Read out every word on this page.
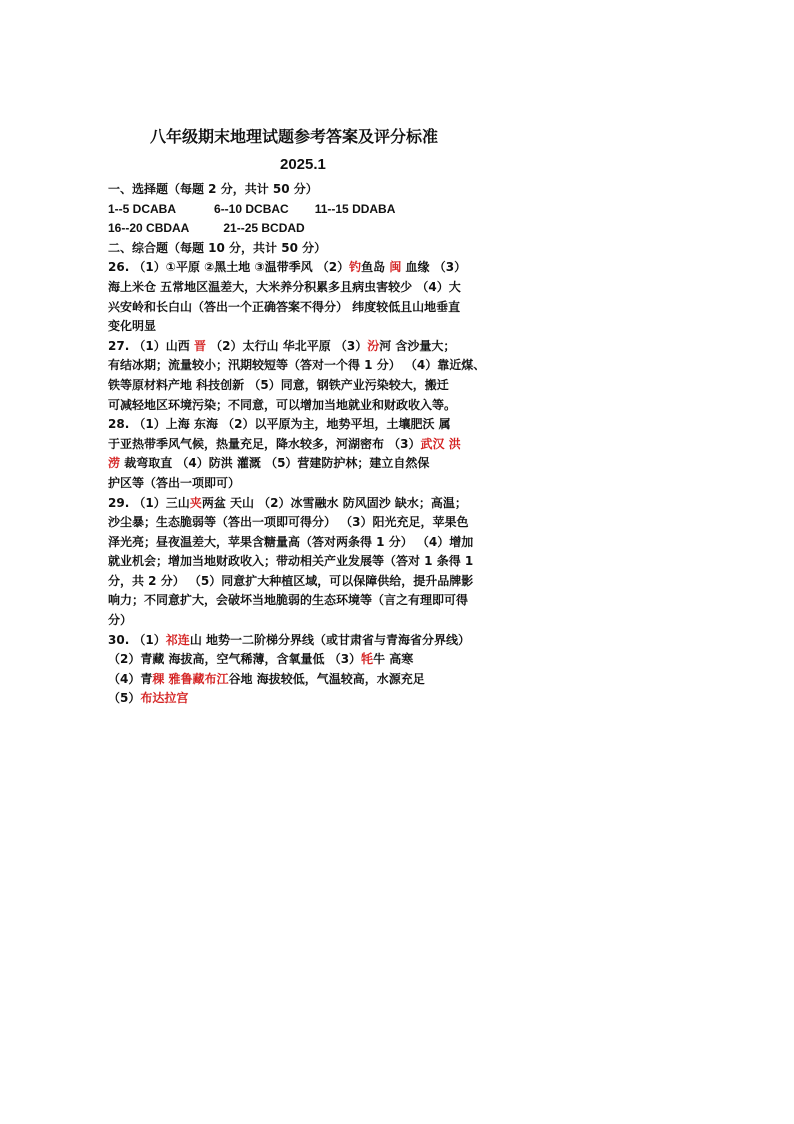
八年级期末地理试题参考答案及评分标准
2025.1
一、选择题（每题 2 分，共计 50 分）
1--5 DCABA	6--10 DCBAC 11--15 DDABA
16--20 CBDAA	21--25 BCDAD
二、综合题（每题 10 分，共计 50 分）
26. （1）①平原 ②黑土地 ③温带季风 （2）钓鱼岛 闽 血缘 （3）
海上米仓 五常地区温差大，大米养分积累多且病虫害较少 （4）大
兴安岭和长白山（答出一个正确答案不得分） 纬度较低且山地垂直
变化明显
27. （1）山西 晋 （2）太行山 华北平原 （3）汾河 含沙量大；
有结冰期；流量较小；汛期较短等（答对一个得 1 分） （4）靠近煤、
铁等原材料产地 科技创新 （5）同意，钢铁产业污染较大，搬迁
可减轻地区环境污染；不同意，可以增加当地就业和财政收入等。
28. （1）上海 东海 （2）以平原为主，地势平坦，土壤肥沃 属
于亚热带季风气候，热量充足，降水较多，河湖密布 （3）武汉 洪
涝 裁弯取直 （4）防洪 灌溉 （5）营建防护林；建立自然保
护区等（答出一项即可）
29. （1）三山夹两盆 天山 （2）冰雪融水 防风固沙 缺水；高温；
沙尘暴；生态脆弱等（答出一项即可得分） （3）阳光充足，苹果色
泽光亮；昼夜温差大，苹果含糖量高（答对两条得 1 分） （4）增加
就业机会；增加当地财政收入；带动相关产业发展等（答对 1 条得 1
分，共 2 分） （5）同意扩大种植区域，可以保障供给，提升品牌影
响力；不同意扩大，会破坏当地脆弱的生态环境等（言之有理即可得
分）
30. （1）祁连山 地势一二阶梯分界线（或甘肃省与青海省分界线）
（2）青藏 海拔高，空气稀薄，含氧量低 （3）牦牛 高寒
（4）青稞 雅鲁藏布江谷地 海拔较低，气温较高，水源充足
（5）布达拉宫
